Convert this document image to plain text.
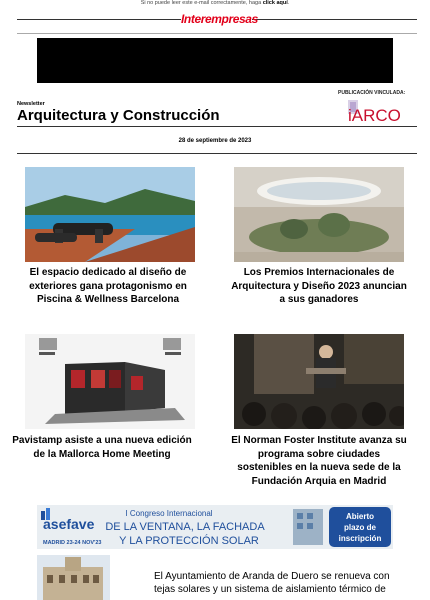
Si no puede leer este e-mail correctamente, haga click aquí.
Interempresas
PUBLICACIÓN VINCULADA:
iARCO
Newsletter
Arquitectura y Construcción
28 de septiembre de 2023
El espacio dedicado al diseño de exteriores gana protagonismo en Piscina & Wellness Barcelona
Los Premios Internacionales de Arquitectura y Diseño 2023 anuncian a sus ganadores
Pavistamp asiste a una nueva edición de la Mallorca Home Meeting
El Norman Foster Institute avanza su programa sobre ciudades sostenibles en la nueva sede de la Fundación Arquia en Madrid
asefave
MADRID 23-24 NOV'23
I Congreso Internacional
DE LA VENTANA, LA FACHADA
Y LA PROTECCIÓN SOLAR
Abierto
plazo de
inscripción
El Ayuntamiento de Aranda de Duero se renueva con tejas solares y un sistema de aislamiento térmico de
